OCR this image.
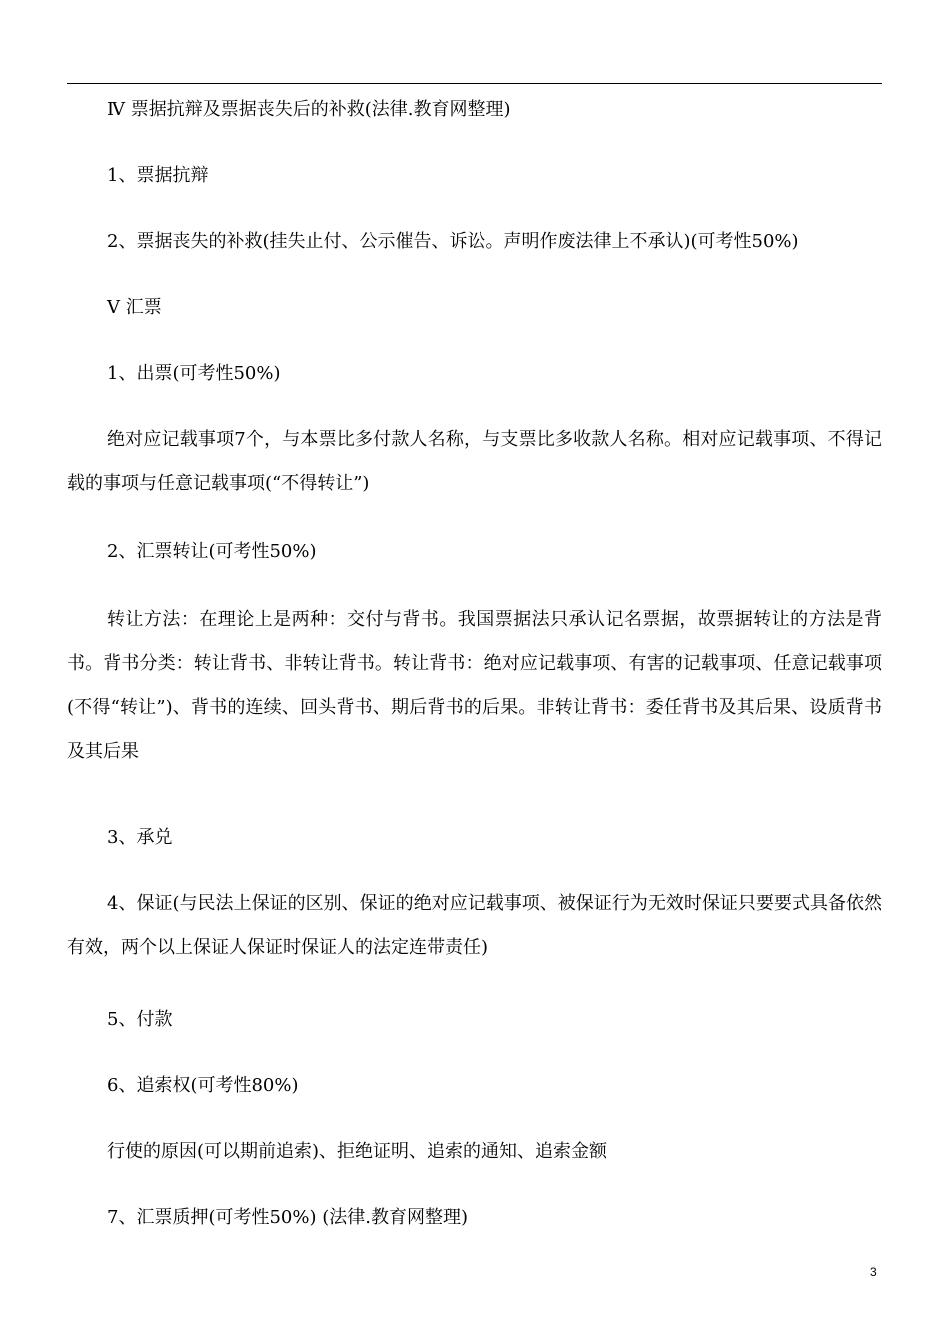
Ⅳ 票据抗辩及票据丧失后的补救(法律.教育网整理)

1、票据抗辩

2、票据丧失的补救(挂失止付、公示催告、诉讼。声明作废法律上不承认)(可考性50%)

Ⅴ 汇票

1、出票(可考性50%)

绝对应记载事项7个，与本票比多付款人名称，与支票比多收款人名称。相对应记载事项、不得记载的事项与任意记载事项(“不得转让”)

2、汇票转让(可考性50%)

转让方法：在理论上是两种：交付与背书。我国票据法只承认记名票据，故票据转让的方法是背书。背书分类：转让背书、非转让背书。转让背书：绝对应记载事项、有害的记载事项、任意记载事项(不得“转让”)、背书的连续、回头背书、期后背书的后果。非转让背书：委任背书及其后果、设质背书及其后果

3、承兑

4、保证(与民法上保证的区别、保证的绝对应记载事项、被保证行为无效时保证只要要式具备依然有效，两个以上保证人保证时保证人的法定连带责任)

5、付款

6、追索权(可考性80%)

行使的原因(可以期前追索)、拒绝证明、追索的通知、追索金额

7、汇票质押(可考性50%) (法律.教育网整理)

3
